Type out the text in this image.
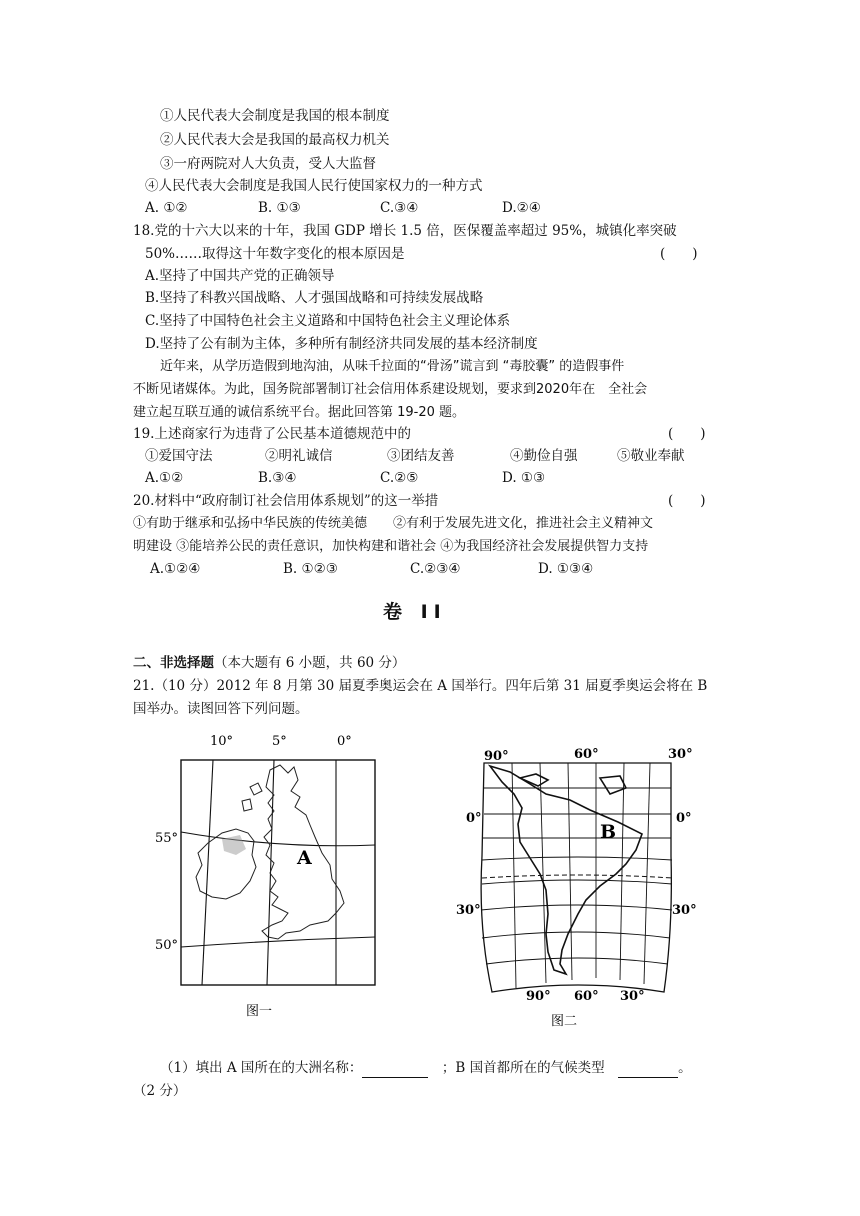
①人民代表大会制度是我国的根本制度
②人民代表大会是我国的最高权力机关
③一府两院对人大负责，受人大监督
④人民代表大会制度是我国人民行使国家权力的一种方式
A. ①②	B. ①③	C.③④	D.②④
18.党的十六大以来的十年，我国 GDP 增长 1.5 倍，医保覆盖率超过 95%，城镇化率突破
50%……取得这十年数字变化的根本原因是	(　　)
A.坚持了中国共产党的正确领导
B.坚持了科教兴国战略、人才强国战略和可持续发展战略
C.坚持了中国特色社会主义道路和中国特色社会主义理论体系
D.坚持了公有制为主体，多种所有制经济共同发展的基本经济制度
近年来，从学历造假到地沟油，从味千拉面的“骨汤”谎言到 “毒胶囊” 的造假事件
不断见诸媒体。为此，国务院部署制订社会信用体系建设规划，要求到2020年在　全社会
建立起互联互通的诚信系统平台。据此回答第 19-20 题。
19.上述商家行为违背了公民基本道德规范中的	(　　)
①爱国守法	②明礼诚信	③团结友善	④勤俭自强	⑤敬业奉献
A.①②	B.③④	C.②⑤	D. ①③
20.材料中“政府制订社会信用体系规划”的这一举措	(　　)
①有助于继承和弘扬中华民族的传统美德　　②有利于发展先进文化，推进社会主义精神文
明建设 ③能培养公民的责任意识，加快构建和谐社会 ④为我国经济社会发展提供智力支持
A.①②④	B. ①②③	C.②③④	D. ①③④
卷 II
二、非选择题（本大题有 6 小题，共 60 分）
21.（10 分）2012 年 8 月第 30 届夏季奥运会在 A 国举行。四年后第 31 届夏季奥运会将在 B
国举办。读图回答下列问题。
10°	5°	0°
55°
50°
A
图一
90°	60°	30°
0°
30°
0°
30°
B
90° 60° 30°
图二
（1）填出 A 国所在的大洲名称：　	；B 国首都所在的气候类型　	。
（2 分）
